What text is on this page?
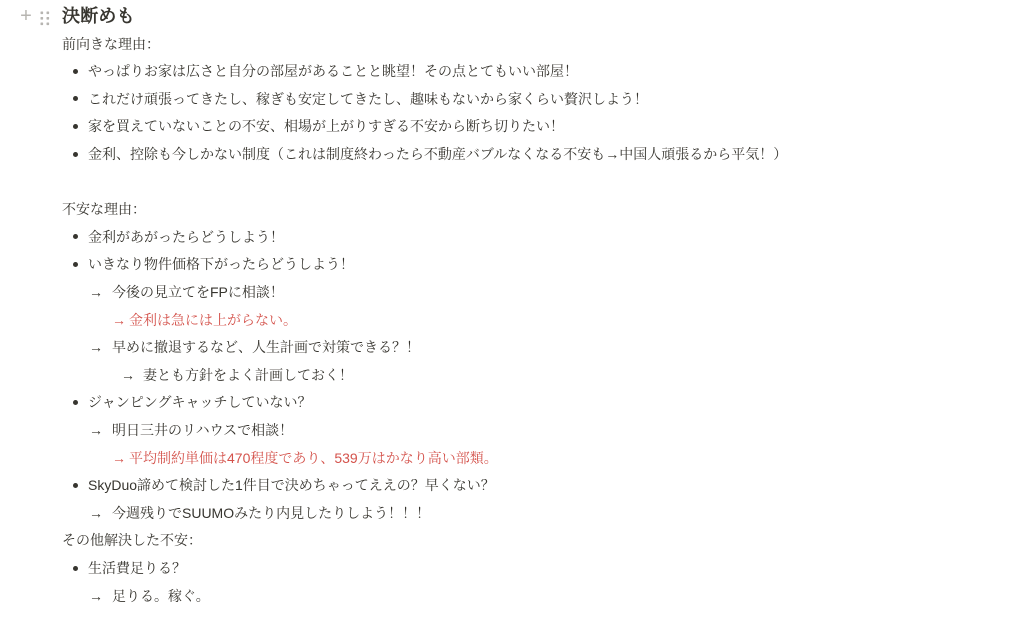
+ 決断めも
前向きな理由：
やっぱりお家は広さと自分の部屋があることと眺望！その点とてもいい部屋！
これだけ頑張ってきたし、稼ぎも安定してきたし、趣味もないから家くらい贅沢しよう！
家を買えていないことの不安、相場が上がりすぎる不安から断ち切りたい！
金利、控除も今しかない制度（これは制度終わったら不動産バブルなくなる不安も→中国人頑張るから平気！）
不安な理由：
金利があがったらどうしよう！
いきなり物件価格下がったらどうしよう！
→ 今後の見立てをFPに相談！
→ 金利は急には上がらない。
→ 早めに撤退するなど、人生計画で対策できる？！
→ 妻とも方針をよく計画しておく！
ジャンピングキャッチしていない？
→ 明日三井のリハウスで相談！
→ 平均制約単価は470程度であり、539万はかなり高い部類。
SkyDuo諦めて検討した1件目で決めちゃってええの？早くない？
→ 今週残りでSUUMOみたり内見したりしよう！！！
その他解決した不安：
生活費足りる？
→ 足りる。稼ぐ。
